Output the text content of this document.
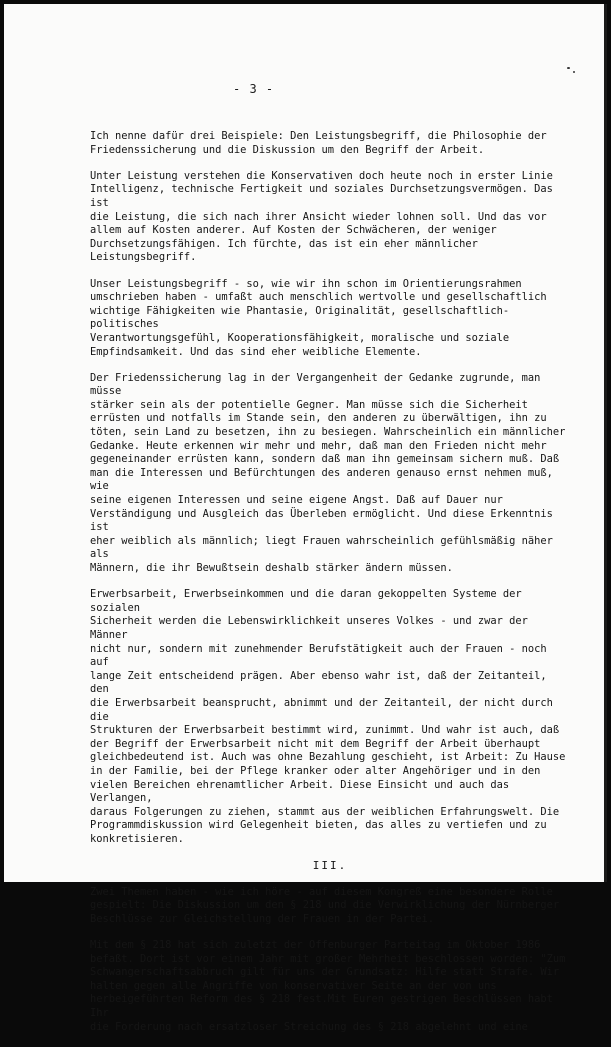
- 3 -

Ich nenne dafür drei Beispiele: Den Leistungsbegriff, die Philosophie der
Friedenssicherung und die Diskussion um den Begriff der Arbeit.

Unter Leistung verstehen die Konservativen doch heute noch in erster Linie
Intelligenz, technische Fertigkeit und soziales Durchsetzungsvermögen. Das ist
die Leistung, die sich nach ihrer Ansicht wieder lohnen soll. Und das vor
allem auf Kosten anderer. Auf Kosten der Schwächeren, der weniger
Durchsetzungsfähigen. Ich fürchte, das ist ein eher männlicher
Leistungsbegriff.

Unser Leistungsbegriff - so, wie wir ihn schon im Orientierungsrahmen
umschrieben haben - umfaßt auch menschlich wertvolle und gesellschaftlich
wichtige Fähigkeiten wie Phantasie, Originalität, gesellschaftlich-politisches
Verantwortungsgefühl, Kooperationsfähigkeit, moralische und soziale
Empfindsamkeit. Und das sind eher weibliche Elemente.

Der Friedenssicherung lag in der Vergangenheit der Gedanke zugrunde, man müsse
stärker sein als der potentielle Gegner. Man müsse sich die Sicherheit
errüsten und notfalls im Stande sein, den anderen zu überwältigen, ihn zu
töten, sein Land zu besetzen, ihn zu besiegen. Wahrscheinlich ein männlicher
Gedanke. Heute erkennen wir mehr und mehr, daß man den Frieden nicht mehr
gegeneinander errüsten kann, sondern daß man ihn gemeinsam sichern muß. Daß
man die Interessen und Befürchtungen des anderen genauso ernst nehmen muß, wie
seine eigenen Interessen und seine eigene Angst. Daß auf Dauer nur
Verständigung und Ausgleich das Überleben ermöglicht. Und diese Erkenntnis ist
eher weiblich als männlich; liegt Frauen wahrscheinlich gefühlsmäßig näher als
Männern, die ihr Bewußtsein deshalb stärker ändern müssen.

Erwerbsarbeit, Erwerbseinkommen und die daran gekoppelten Systeme der sozialen
Sicherheit werden die Lebenswirklichkeit unseres Volkes - und zwar der Männer
nicht nur, sondern mit zunehmender Berufstätigkeit auch der Frauen - noch auf
lange Zeit entscheidend prägen. Aber ebenso wahr ist, daß der Zeitanteil, den
die Erwerbsarbeit beansprucht, abnimmt und der Zeitanteil, der nicht durch die
Strukturen der Erwerbsarbeit bestimmt wird, zunimmt. Und wahr ist auch, daß
der Begriff der Erwerbsarbeit nicht mit dem Begriff der Arbeit überhaupt
gleichbedeutend ist. Auch was ohne Bezahlung geschieht, ist Arbeit: Zu Hause
in der Familie, bei der Pflege kranker oder alter Angehöriger und in den
vielen Bereichen ehrenamtlicher Arbeit. Diese Einsicht und auch das Verlangen,
daraus Folgerungen zu ziehen, stammt aus der weiblichen Erfahrungswelt. Die
Programmdiskussion wird Gelegenheit bieten, das alles zu vertiefen und zu
konkretisieren.

III.

Zwei Themen haben - wie ich höre - auf diesem Kongreß eine besondere Rolle
gespielt: Die Diskussion um den § 218 und die Verwirklichung der Nürnberger
Beschlüsse zur Gleichstellung der Frauen in der Partei.

Mit dem § 218 hat sich zuletzt der Offenburger Parteitag im Oktober 1986
befaßt. Dort ist vor einem Jahr mit großer Mehrheit beschlossen worden: "Zum
Schwangerschaftsabbruch gilt für uns der Grundsatz: Hilfe statt Strafe. Wir
halten gegen alle Angriffe von konservativer Seite an der von uns
herbeigeführten Reform des § 218 fest.Mit Euren gestrigen Beschlüssen habt Ihr
die Forderung nach ersatzloser Streichung des § 218 abgelehnt und eine
